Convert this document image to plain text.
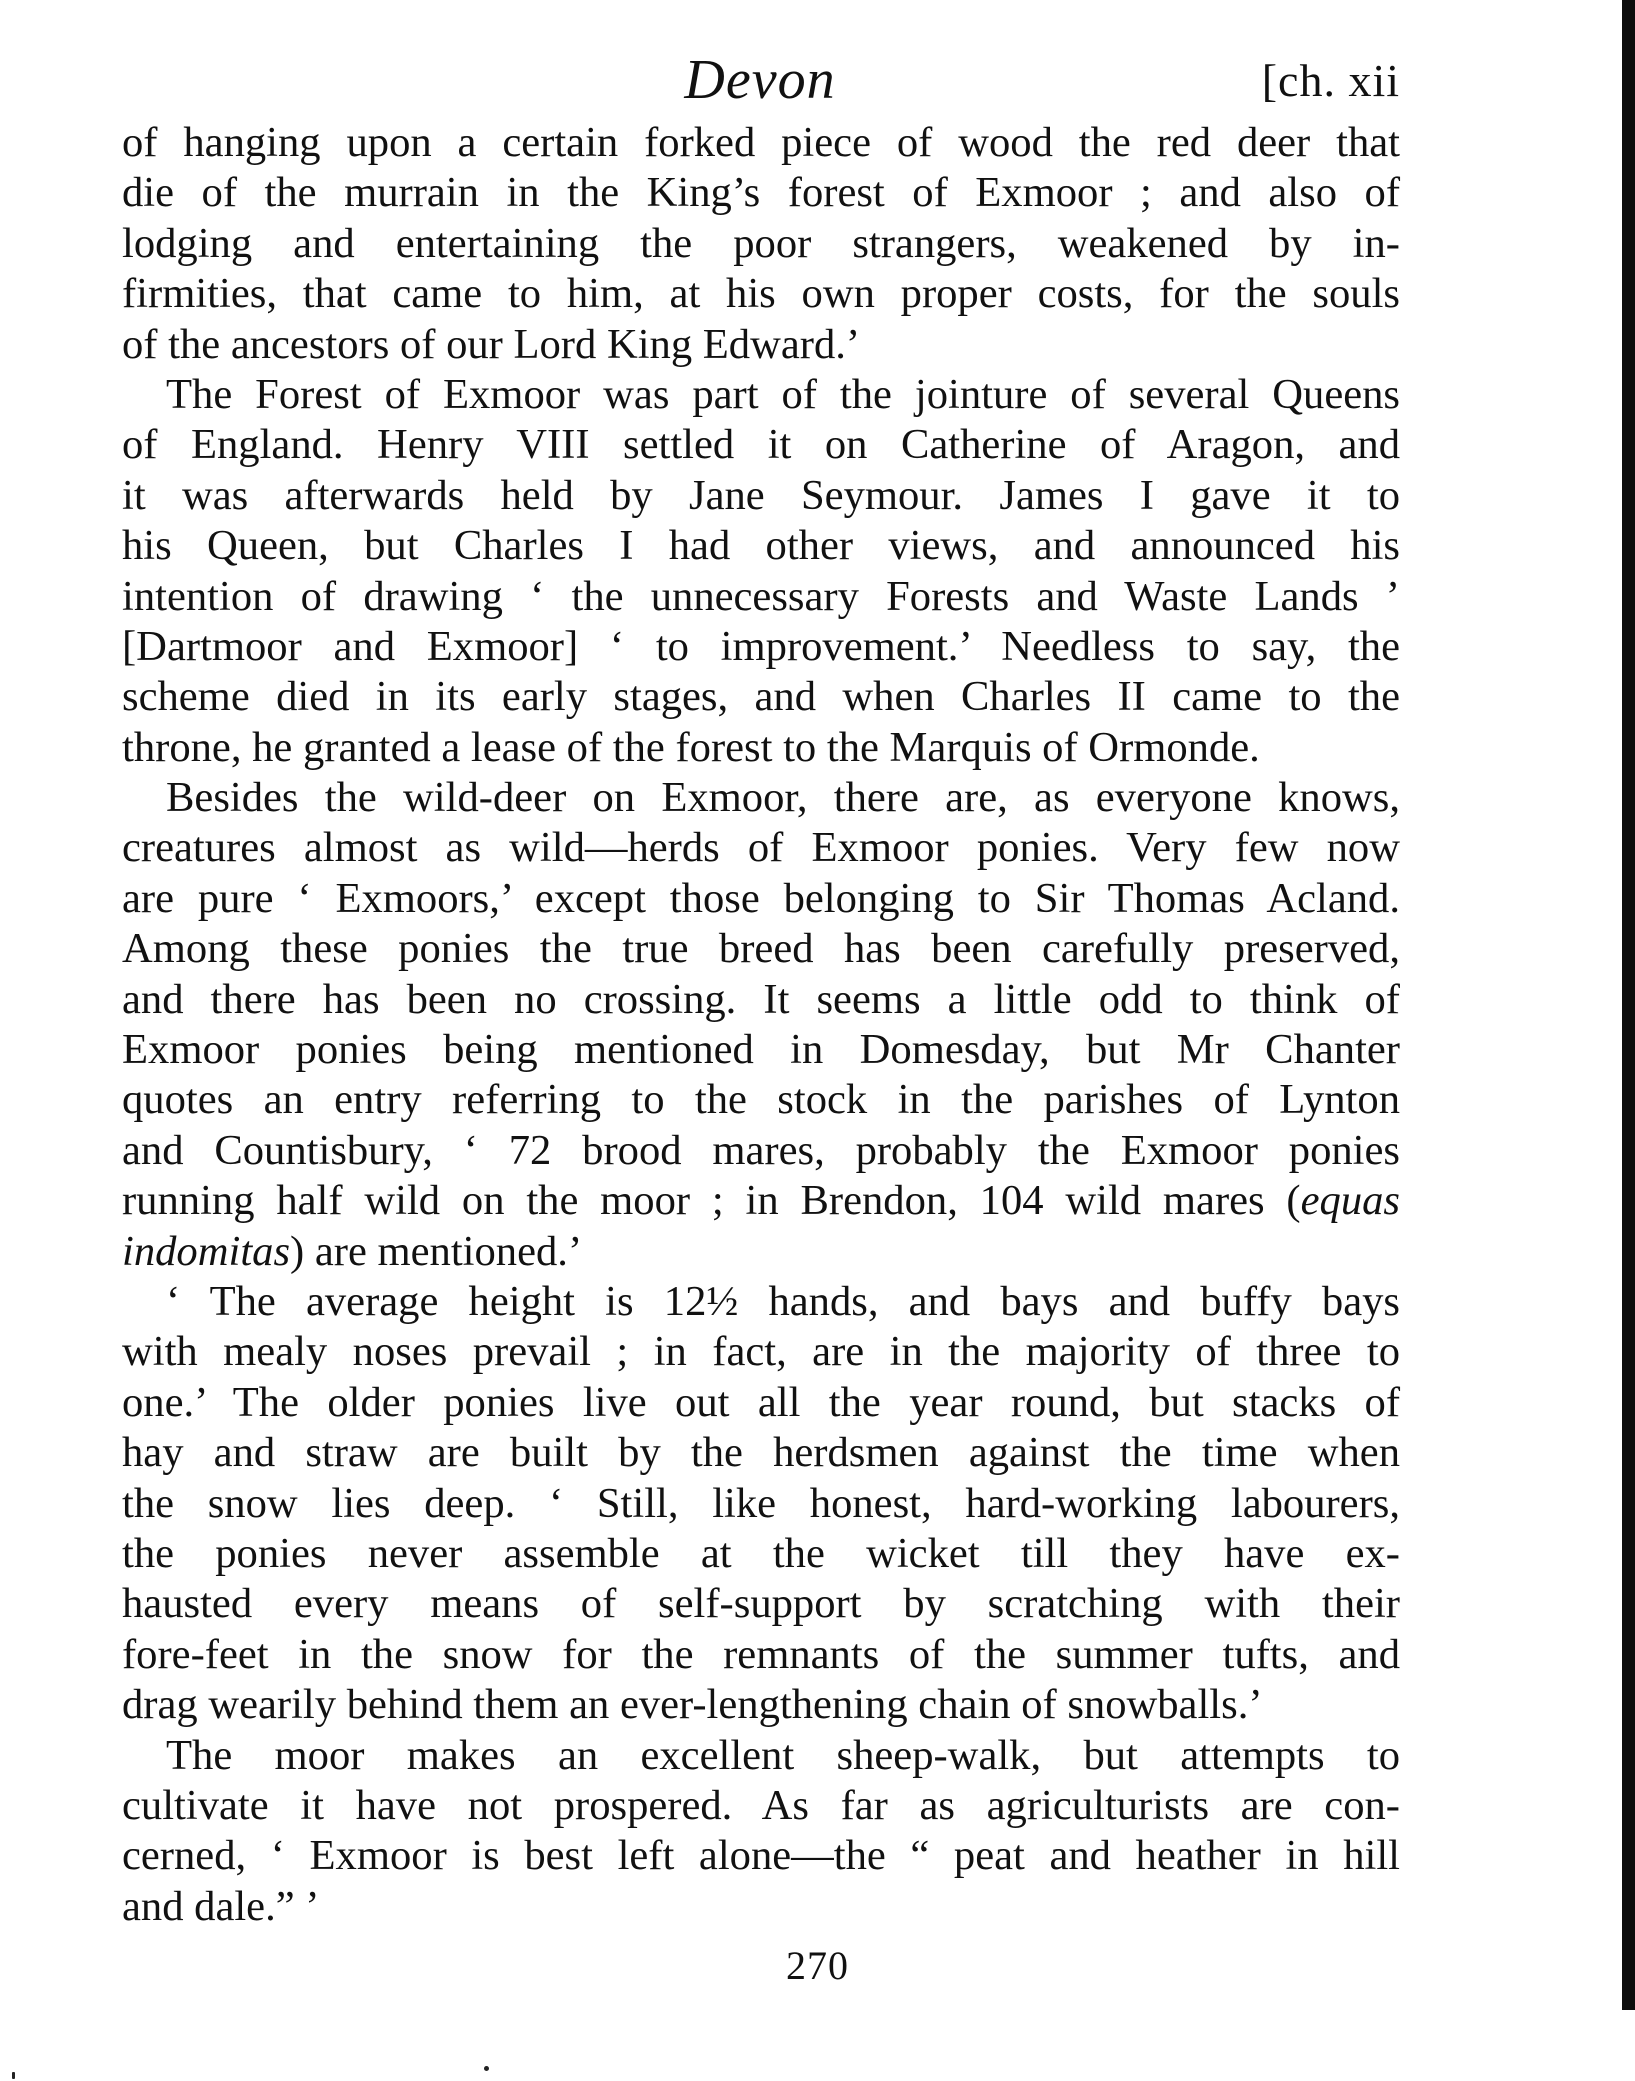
Devon	[ch. xii
of hanging upon a certain forked piece of wood the red deer that
die of the murrain in the King’s forest of Exmoor ; and also of
lodging and entertaining the poor strangers, weakened by in-
firmities, that came to him, at his own proper costs, for the souls
of the ancestors of our Lord King Edward.’
The Forest of Exmoor was part of the jointure of several Queens
of England. Henry VIII settled it on Catherine of Aragon, and
it was afterwards held by Jane Seymour. James I gave it to
his Queen, but Charles I had other views, and announced his
intention of drawing ‘ the unnecessary Forests and Waste Lands ’
[Dartmoor and Exmoor] ‘ to improvement.’ Needless to say, the
scheme died in its early stages, and when Charles II came to the
throne, he granted a lease of the forest to the Marquis of Ormonde.
Besides the wild-deer on Exmoor, there are, as everyone knows,
creatures almost as wild—herds of Exmoor ponies. Very few now
are pure ‘ Exmoors,’ except those belonging to Sir Thomas Acland.
Among these ponies the true breed has been carefully preserved,
and there has been no crossing. It seems a little odd to think of
Exmoor ponies being mentioned in Domesday, but Mr Chanter
quotes an entry referring to the stock in the parishes of Lynton
and Countisbury, ‘ 72 brood mares, probably the Exmoor ponies
running half wild on the moor ; in Brendon, 104 wild mares (equas
indomitas) are mentioned.’
‘ The average height is 12½ hands, and bays and buffy bays
with mealy noses prevail ; in fact, are in the majority of three to
one.’ The older ponies live out all the year round, but stacks of
hay and straw are built by the herdsmen against the time when
the snow lies deep. ‘ Still, like honest, hard-working labourers,
the ponies never assemble at the wicket till they have ex-
hausted every means of self-support by scratching with their
fore-feet in the snow for the remnants of the summer tufts, and
drag wearily behind them an ever-lengthening chain of snowballs.’
The moor makes an excellent sheep-walk, but attempts to
cultivate it have not prospered. As far as agriculturists are con-
cerned, ‘ Exmoor is best left alone—the “ peat and heather in hill
and dale.” ’
270
